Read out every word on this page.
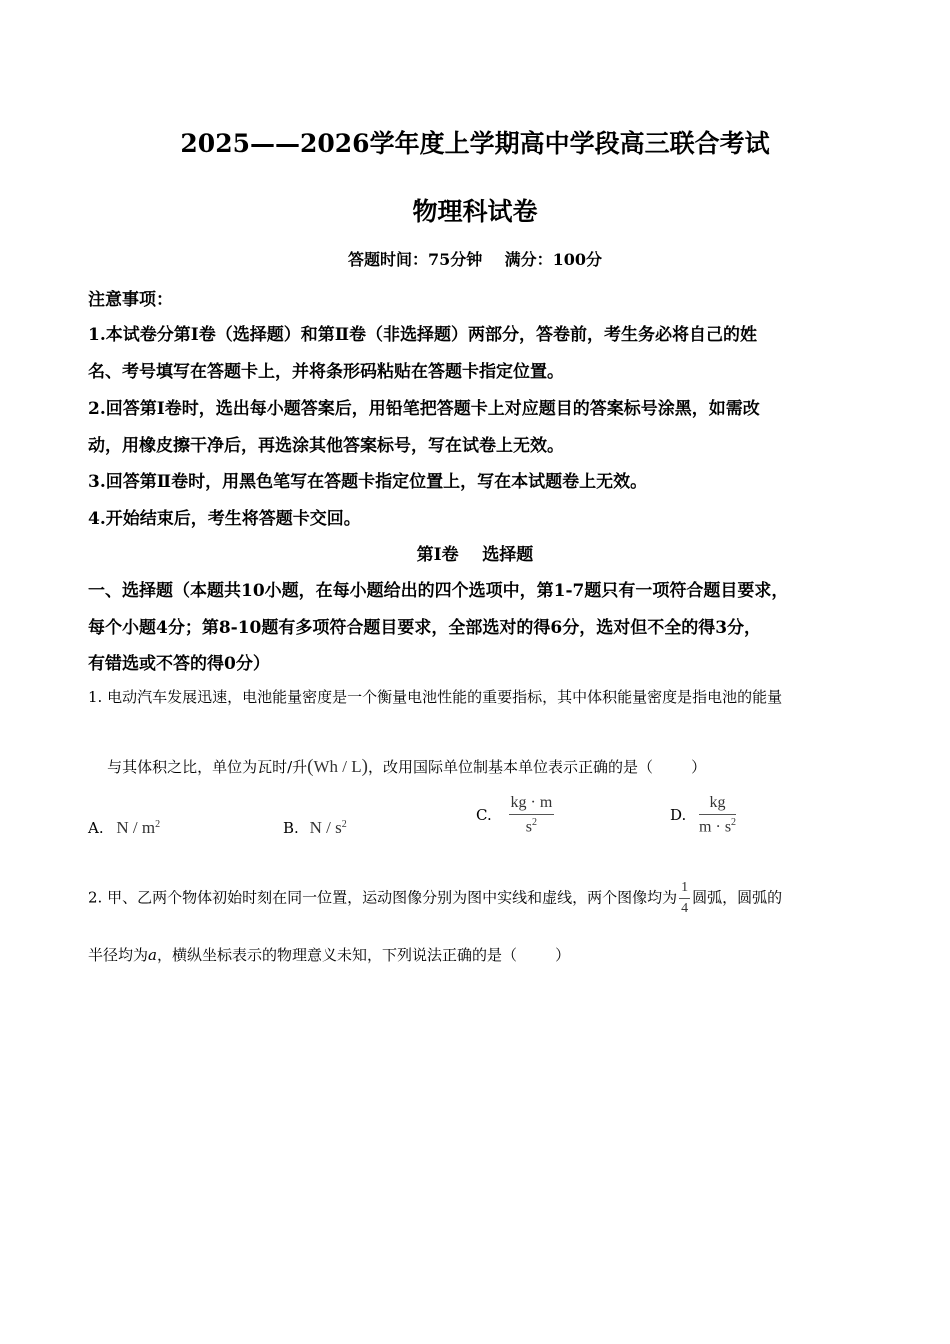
2025——2026学年度上学期高中学段高三联合考试
物理科试卷
答题时间：75分钟    满分：100分
注意事项：
1.本试卷分第Ⅰ卷（选择题）和第Ⅱ卷（非选择题）两部分，答卷前，考生务必将自己的姓
名、考号填写在答题卡上，并将条形码粘贴在答题卡指定位置。
2.回答第Ⅰ卷时，选出每小题答案后，用铅笔把答题卡上对应题目的答案标号涂黑，如需改
动，用橡皮擦干净后，再选涂其他答案标号，写在试卷上无效。
3.回答第Ⅱ卷时，用黑色笔写在答题卡指定位置上，写在本试题卷上无效。
4.开始结束后，考生将答题卡交回。
第Ⅰ卷    选择题
一、选择题（本题共10小题，在每小题给出的四个选项中，第1-7题只有一项符合题目要求，
每个小题4分；第8-10题有多项符合题目要求，全部选对的得6分，选对但不全的得3分，
有错选或不答的得0分）
1. 电动汽车发展迅速，电池能量密度是一个衡量电池性能的重要指标，其中体积能量密度是指电池的能量

与其体积之比，单位为瓦时/升(Wh / L)，改用国际单位制基本单位表示正确的是（        ）

A. N / $m^2$	B. N / $s^2$
C. $\frac{kg \cdot m}{s^2}$	D. $\frac{kg}{m \cdot s^2}$
2. 甲、乙两个物体初始时刻在同一位置，运动图像分别为图中实线和虚线，两个图像均为 $\frac{1}{4}$ 圆弧，圆弧的
半径均为a，横纵坐标表示的物理意义未知，下列说法正确的是（        ）
